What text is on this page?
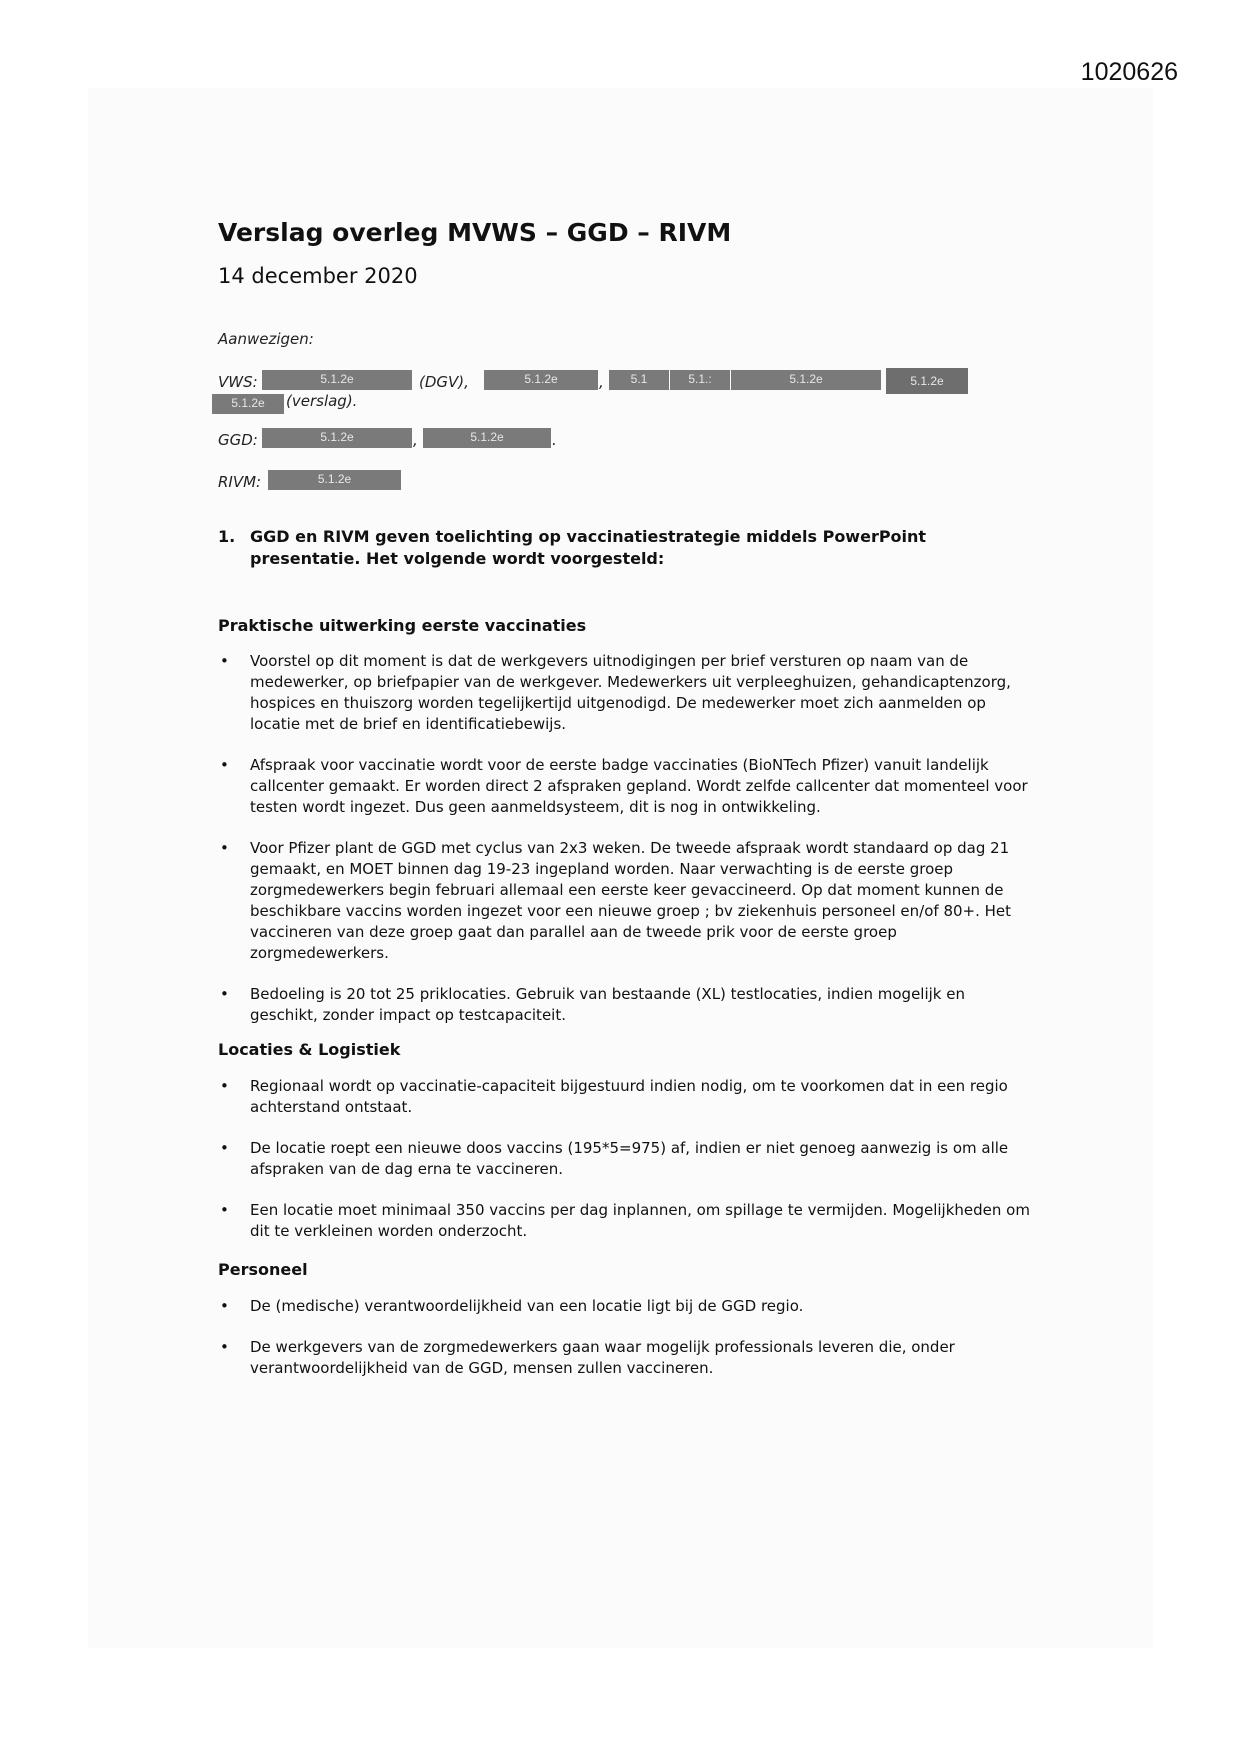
1020626

Verslag overleg MVWS – GGD – RIVM

14 december 2020

Aanwezigen:
VWS:	5.1.2e	(DGV),	5.1.2e	,	5.1	5.1.:	5.1.2e	5.1.2e
5.1.2e	(verslag).
GGD:	5.1.2e	,	5.1.2e	.
RIVM:	5.1.2e
1. GGD en RIVM geven toelichting op vaccinatiestrategie middels PowerPoint presentatie. Het volgende wordt voorgesteld:
Praktische uitwerking eerste vaccinaties
• Voorstel op dit moment is dat de werkgevers uitnodigingen per brief versturen op naam van de medewerker, op briefpapier van de werkgever. Medewerkers uit verpleeghuizen, gehandicaptenzorg, hospices en thuiszorg worden tegelijkertijd uitgenodigd. De medewerker moet zich aanmelden op locatie met de brief en identificatiebewijs.
• Afspraak voor vaccinatie wordt voor de eerste badge vaccinaties (BioNTech Pfizer) vanuit landelijk callcenter gemaakt. Er worden direct 2 afspraken gepland. Wordt zelfde callcenter dat momenteel voor testen wordt ingezet. Dus geen aanmeldsysteem, dit is nog in ontwikkeling.
• Voor Pfizer plant de GGD met cyclus van 2x3 weken. De tweede afspraak wordt standaard op dag 21 gemaakt, en MOET binnen dag 19-23 ingepland worden. Naar verwachting is de eerste groep zorgmedewerkers begin februari allemaal een eerste keer gevaccineerd. Op dat moment kunnen de beschikbare vaccins worden ingezet voor een nieuwe groep ; bv ziekenhuis personeel en/of 80+. Het vaccineren van deze groep gaat dan parallel aan de tweede prik voor de eerste groep zorgmedewerkers.
• Bedoeling is 20 tot 25 priklocaties. Gebruik van bestaande (XL) testlocaties, indien mogelijk en geschikt, zonder impact op testcapaciteit.
Locaties & Logistiek
• Regionaal wordt op vaccinatie-capaciteit bijgestuurd indien nodig, om te voorkomen dat in een regio achterstand ontstaat.
• De locatie roept een nieuwe doos vaccins (195*5=975) af, indien er niet genoeg aanwezig is om alle afspraken van de dag erna te vaccineren.
• Een locatie moet minimaal 350 vaccins per dag inplannen, om spillage te vermijden. Mogelijkheden om dit te verkleinen worden onderzocht.
Personeel
• De (medische) verantwoordelijkheid van een locatie ligt bij de GGD regio.
• De werkgevers van de zorgmedewerkers gaan waar mogelijk professionals leveren die, onder verantwoordelijkheid van de GGD, mensen zullen vaccineren.
